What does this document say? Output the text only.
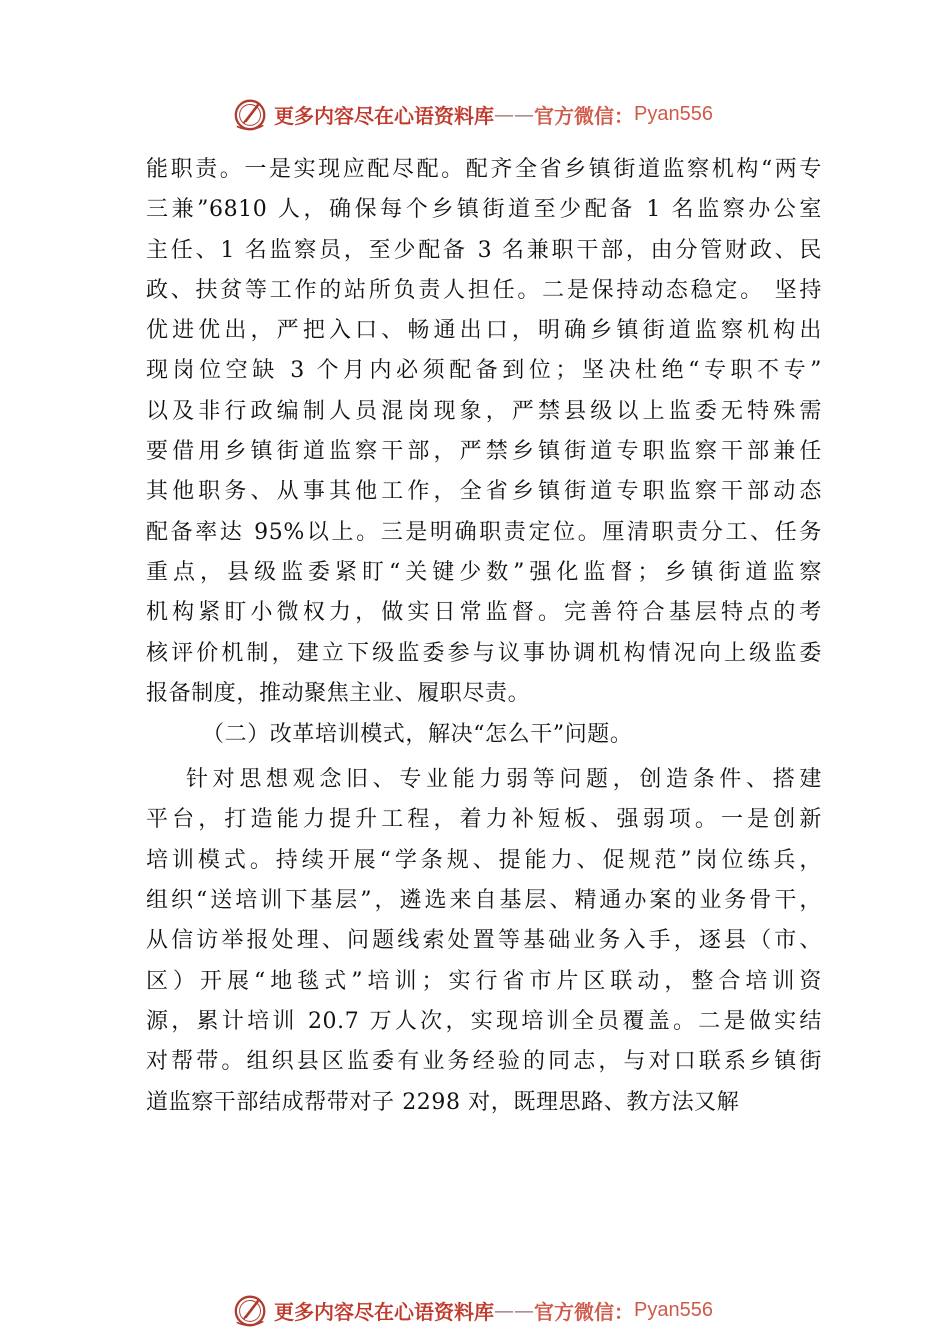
更多内容尽在心语资料库 —— 官方微信： Pyan556
能职责。一是实现应配尽配。配齐全省乡镇街道监察机构“两专
三兼”6810 人，确保每个乡镇街道至少配备 1 名监察办公室
主任、1 名监察员，至少配备 3 名兼职干部，由分管财政、民
政、扶贫等工作的站所负责人担任。二是保持动态稳定。 坚持
优进优出，严把入口、畅通出口，明确乡镇街道监察机构出
现岗位空缺 3 个月内必须配备到位；坚决杜绝“专职不专”
以及非行政编制人员混岗现象，严禁县级以上监委无特殊需
要借用乡镇街道监察干部，严禁乡镇街道专职监察干部兼任
其他职务、从事其他工作，全省乡镇街道专职监察干部动态
配备率达 95%以上。三是明确职责定位。厘清职责分工、任务
重点，县级监委紧盯“关键少数”强化监督；乡镇街道监察
机构紧盯小微权力，做实日常监督。完善符合基层特点的考
核评价机制，建立下级监委参与议事协调机构情况向上级监委
报备制度，推动聚焦主业、履职尽责。
（二）改革培训模式，解决“怎么干”问题。
针对思想观念旧、专业能力弱等问题，创造条件、搭建
平台，打造能力提升工程，着力补短板、强弱项。一是创新
培训模式。持续开展“学条规、提能力、促规范”岗位练兵，
组织“送培训下基层”，遴选来自基层、精通办案的业务骨干，
从信访举报处理、问题线索处置等基础业务入手，逐县（市、
区）开展“地毯式”培训；实行省市片区联动，整合培训资
源，累计培训 20.7 万人次，实现培训全员覆盖。二是做实结
对帮带。组织县区监委有业务经验的同志，与对口联系乡镇街
道监察干部结成帮带对子 2298 对，既理思路、教方法又解
更多内容尽在心语资料库 —— 官方微信： Pyan556
